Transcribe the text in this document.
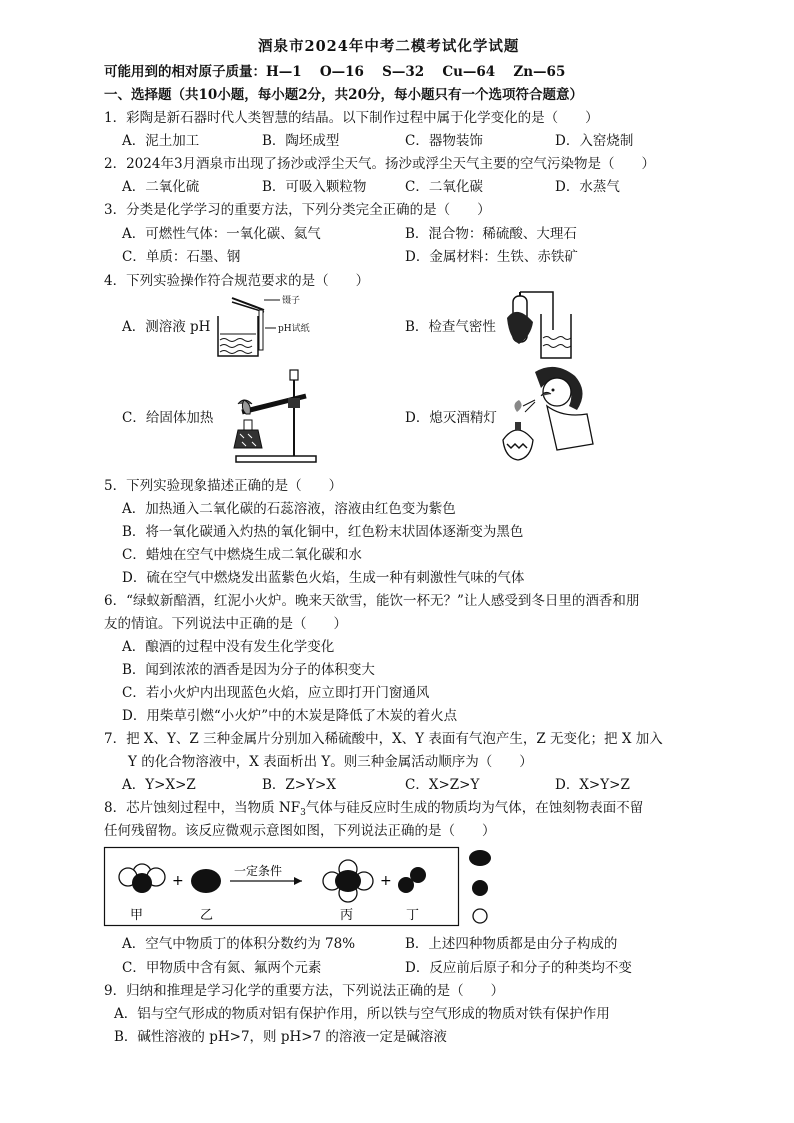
酒泉市2024年中考二模考试化学试题
可能用到的相对原子质量：H—1　 O—16　 S—32　 Cu—64　 Zn—65
一、选择题（共10小题，每小题2分，共20分，每小题只有一个选项符合题意）
1．彩陶是新石器时代人类智慧的结晶。以下制作过程中属于化学变化的是（　　）
A．泥土加工	B．陶坯成型	C．器物装饰	D．入窑烧制
2．2024年3月酒泉市出现了扬沙或浮尘天气。扬沙或浮尘天气主要的空气污染物是（　　）
A．二氧化硫	B．可吸入颗粒物	C．二氧化碳	D．水蒸气
3．分类是化学学习的重要方法，下列分类完全正确的是（　　）
A．可燃性气体：一氧化碳、氦气	B．混合物：稀硫酸、大理石
C．单质：石墨、钢	D．金属材料：生铁、赤铁矿
4．下列实验操作符合规范要求的是（　　）
A．测溶液 pH	B．检查气密性
C．给固体加热	D．熄灭酒精灯
镊子
pH试纸
5．下列实验现象描述正确的是（　　）
A．加热通入二氧化碳的石蕊溶液，溶液由红色变为紫色
B．将一氧化碳通入灼热的氧化铜中，红色粉末状固体逐渐变为黑色
C．蜡烛在空气中燃烧生成二氧化碳和水
D．硫在空气中燃烧发出蓝紫色火焰，生成一种有刺激性气味的气体
6．“绿蚁新醅酒，红泥小火炉。晚来天欲雪，能饮一杯无？”让人感受到冬日里的酒香和朋
友的情谊。下列说法中正确的是（　　）
A．酿酒的过程中没有发生化学变化
B．闻到浓浓的酒香是因为分子的体积变大
C．若小火炉内出现蓝色火焰，应立即打开门窗通风
D．用柴草引燃“小火炉”中的木炭是降低了木炭的着火点
7．把 X、Y、Z 三种金属片分别加入稀硫酸中，X、Y 表面有气泡产生，Z 无变化；把 X 加入
Y 的化合物溶液中，X 表面析出 Y。则三种金属活动顺序为（　　）
A．Y>X>Z	B．Z>Y>X	C．X>Z>Y	D．X>Y>Z
8．芯片蚀刻过程中，当物质 $NF_3$气体与硅反应时生成的物质均为气体，在蚀刻物表面不留
任何残留物。该反应微观示意图如图，下列说法正确的是（　　）
+
一定条件
+
甲	乙	丙	丁
A．空气中物质丁的体积分数约为 78%	B．上述四种物质都是由分子构成的
C．甲物质中含有氮、氟两个元素	D．反应前后原子和分子的种类均不变
9．归纳和推理是学习化学的重要方法，下列说法正确的是（　　）
A．铝与空气形成的物质对铝有保护作用，所以铁与空气形成的物质对铁有保护作用
B．碱性溶液的 pH>7，则 pH>7 的溶液一定是碱溶液
